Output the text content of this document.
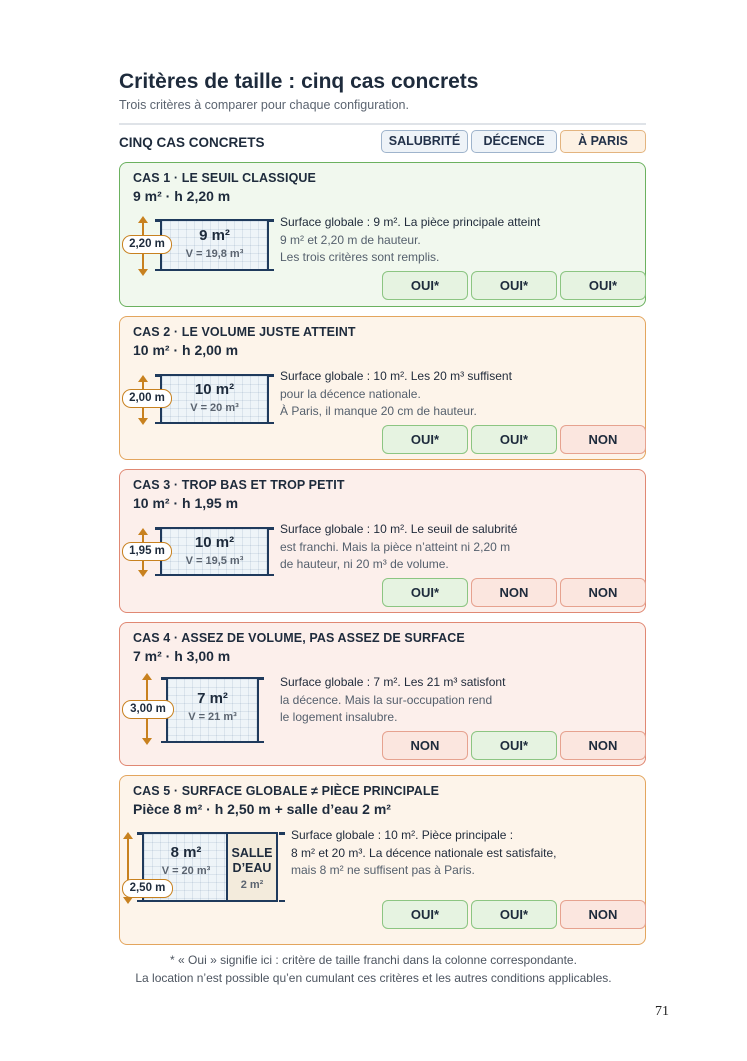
Critères de taille : cinq cas concrets
Trois critères à comparer pour chaque configuration.
CINQ CAS CONCRETS	SALUBRITÉ	DÉCENCE	À PARIS
CAS 1 · LE SEUIL CLASSIQUE
9 m² · h 2,20 m
9 m²
V = 19,8 m³
2,20 m
Surface globale : 9 m². La pièce principale atteint
9 m² et 2,20 m de hauteur.
Les trois critères sont remplis.
OUI*	OUI*	OUI*
CAS 2 · LE VOLUME JUSTE ATTEINT
10 m² · h 2,00 m
10 m²
V = 20 m³
2,00 m
Surface globale : 10 m². Les 20 m³ suffisent
pour la décence nationale.
À Paris, il manque 20 cm de hauteur.
OUI*	OUI*	NON
CAS 3 · TROP BAS ET TROP PETIT
10 m² · h 1,95 m
10 m²
V = 19,5 m³
1,95 m
Surface globale : 10 m². Le seuil de salubrité
est franchi. Mais la pièce n’atteint ni 2,20 m
de hauteur, ni 20 m³ de volume.
OUI*	NON	NON
CAS 4 · ASSEZ DE VOLUME, PAS ASSEZ DE SURFACE
7 m² · h 3,00 m
7 m²
V = 21 m³
3,00 m
Surface globale : 7 m². Les 21 m³ satisfont
la décence. Mais la sur-occupation rend
le logement insalubre.
NON	OUI*	NON
CAS 5 · SURFACE GLOBALE ≠ PIÈCE PRINCIPALE
Pièce 8 m² · h 2,50 m + salle d’eau 2 m²
8 m²
V = 20 m³
SALLE
D’EAU
2 m²
2,50 m
Surface globale : 10 m². Pièce principale :
8 m² et 20 m³. La décence nationale est satisfaite,
mais 8 m² ne suffisent pas à Paris.
OUI*	OUI*	NON
* « Oui » signifie ici : critère de taille franchi dans la colonne correspondante.
La location n’est possible qu’en cumulant ces critères et les autres conditions applicables.
71
